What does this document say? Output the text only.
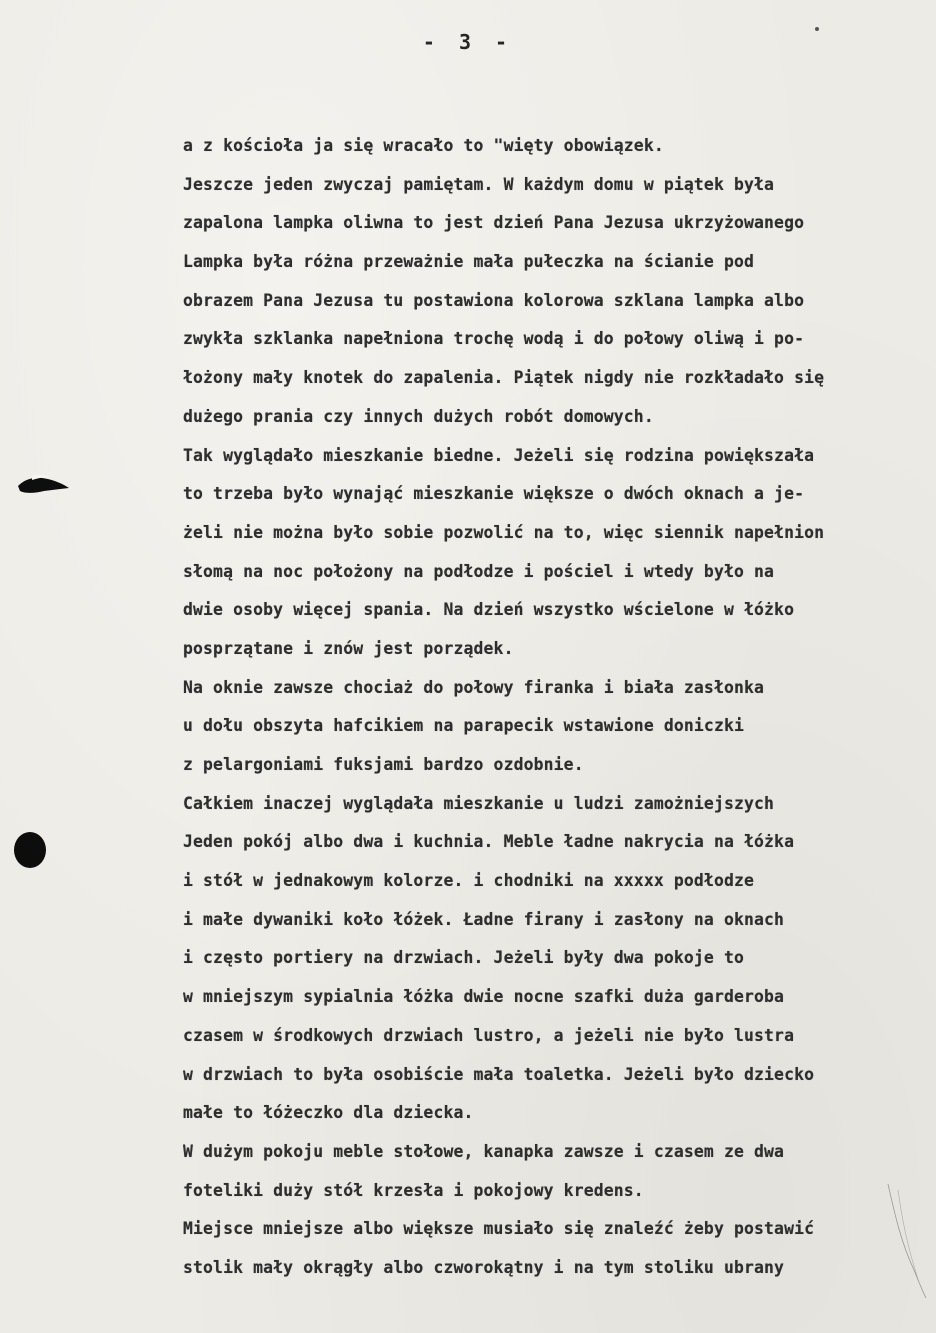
- 3 -
a z kościoła ja się wracało to "więty obowiązek.
Jeszcze jeden zwyczaj pamiętam. W każdym domu w piątek była
zapalona lampka oliwna to jest dzień Pana Jezusa ukrzyżowanego
Lampka była różna przeważnie mała pułeczka na ścianie pod
obrazem Pana Jezusa tu postawiona kolorowa szklana lampka albo
zwykła szklanka napełniona trochę wodą i do połowy oliwą i po-
łożony mały knotek do zapalenia. Piątek nigdy nie rozkładało się
dużego prania czy innych dużych robót domowych.
Tak wyglądało mieszkanie biedne. Jeżeli się rodzina powiększała
to trzeba było wynająć mieszkanie większe o dwóch oknach a je-
żeli nie można było sobie pozwolić na to, więc siennik napełnion
słomą na noc położony na podłodze i pościel i wtedy było na
dwie osoby więcej spania. Na dzień wszystko wścielone w łóżko
posprzątane i znów jest porządek.
Na oknie zawsze chociaż do połowy firanka i biała zasłonka
u dołu obszyta hafcikiem na parapecik wstawione doniczki
z pelargoniami fuksjami bardzo ozdobnie.
Całkiem inaczej wyglądała mieszkanie u ludzi zamożniejszych
Jeden pokój albo dwa i kuchnia. Meble ładne nakrycia na łóżka
i stół w jednakowym kolorze. i chodniki na xxxxx podłodze
i małe dywaniki koło łóżek. Ładne firany i zasłony na oknach
i często portiery na drzwiach. Jeżeli były dwa pokoje to
w mniejszym sypialnia łóżka dwie nocne szafki duża garderoba
czasem w środkowych drzwiach lustro, a jeżeli nie było lustra
w drzwiach to była osobiście mała toaletka. Jeżeli było dziecko
małe to łóżeczko dla dziecka.
W dużym pokoju meble stołowe, kanapka zawsze i czasem ze dwa
foteliki duży stół krzesła i pokojowy kredens.
Miejsce mniejsze albo większe musiało się znaleźć żeby postawić
stolik mały okrągły albo czworokątny i na tym stoliku ubrany
